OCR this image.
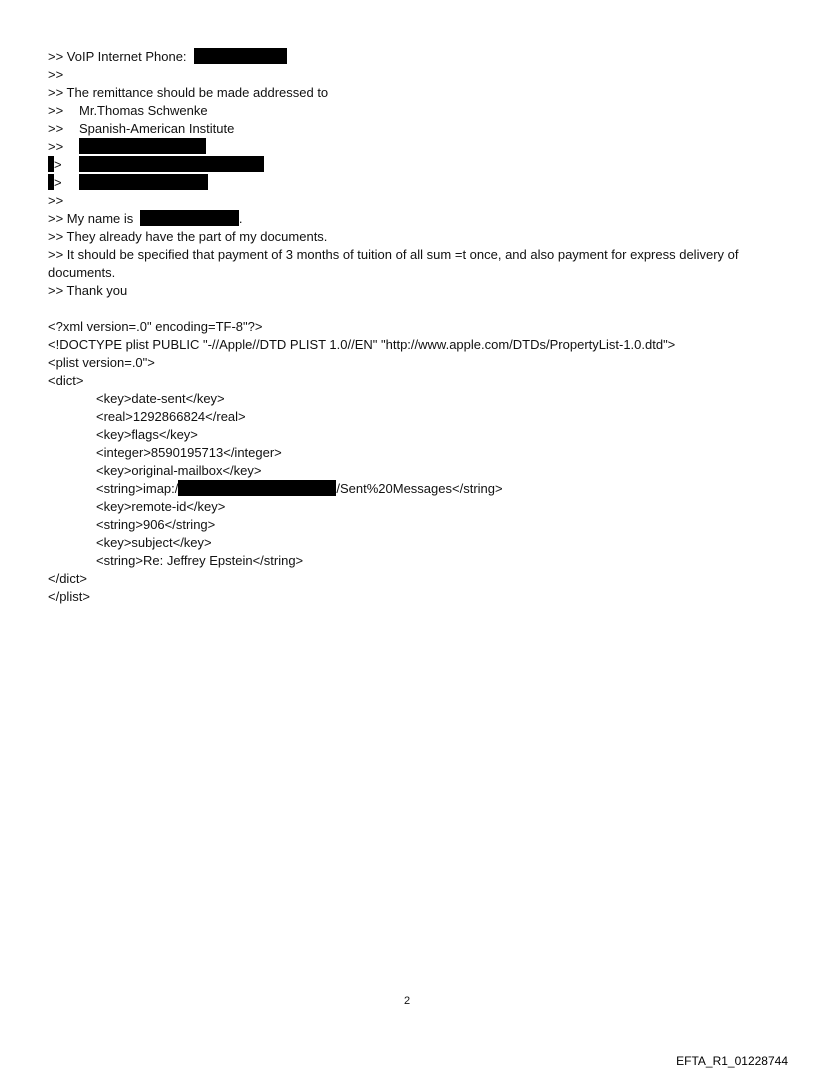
>> VoIP Internet Phone:
>>
>> The remittance should be made addressed to
>> Mr.Thomas Schwenke
>> Spanish-American Institute
>>
>
>
>>
>> My name is	.
>> They already have the part of my documents.
>> It should be specified that payment of 3 months of tuition of all sum =t once, and also payment for express delivery of documents.
>> Thank you
<?xml version=.0" encoding=TF-8"?>
<!DOCTYPE plist PUBLIC "-//Apple//DTD PLIST 1.0//EN" "http://www.apple.com/DTDs/PropertyList-1.0.dtd">
<plist version=.0">
<dict>
<key>date-sent</key>
<real>1292866824</real>
<key>flags</key>
<integer>8590195713</integer>
<key>original-mailbox</key>
<string>imap:/	/Sent%20Messages</string>
<key>remote-id</key>
<string>906</string>
<key>subject</key>
<string>Re: Jeffrey Epstein</string>
</dict>
</plist>
2
EFTA_R1_01228744
